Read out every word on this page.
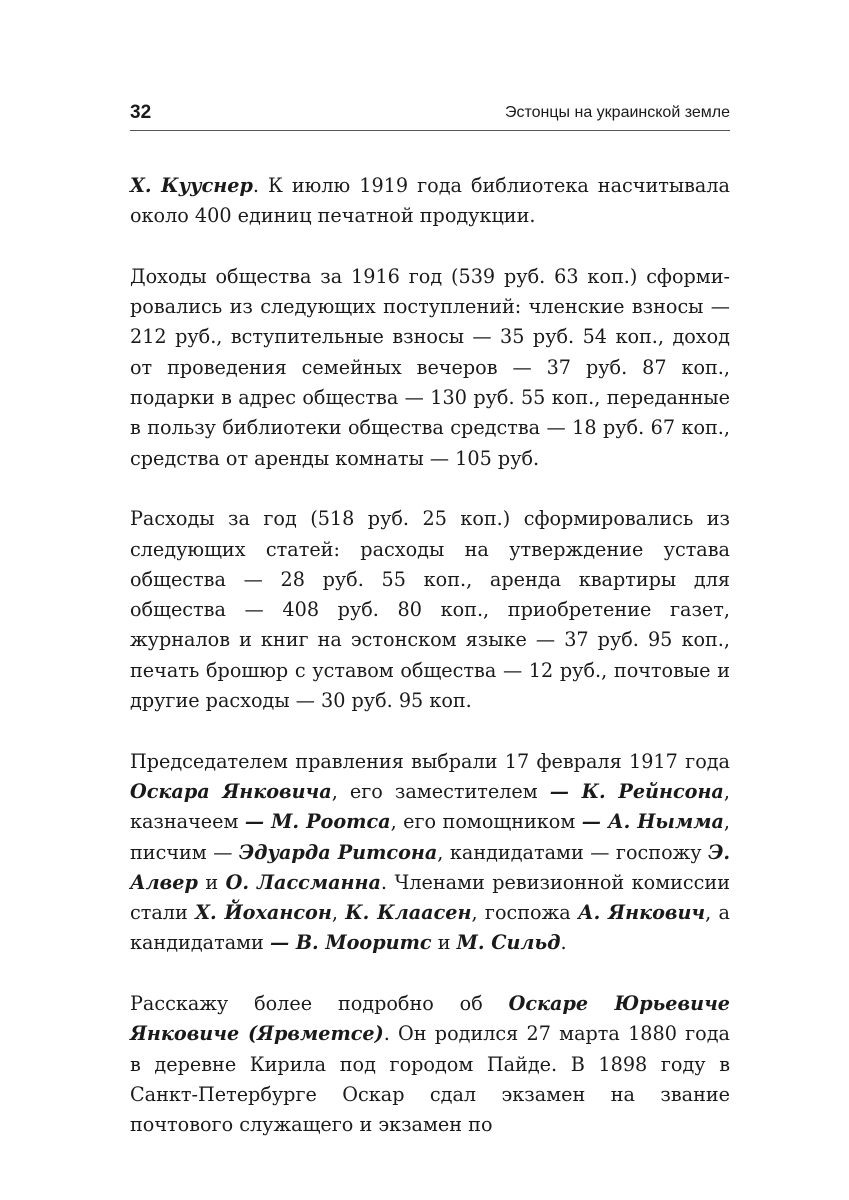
32	Эстонцы на украинской земле

Х. Кууснер. К июлю 1919 года библиотека насчитывала около 400 единиц печатной продукции.

Доходы общества за 1916 год (539 руб. 63 коп.) сформировались из следующих поступлений: членские взносы — 212 руб., вступительные взносы — 35 руб. 54 коп., доход от проведения семейных вечеров — 37 руб. 87 коп., подарки в адрес общества — 130 руб. 55 коп., переданные в пользу библиотеки общества средства — 18 руб. 67 коп., средства от аренды комнаты — 105 руб.

Расходы за год (518 руб. 25 коп.) сформировались из следующих статей: расходы на утверждение устава общества — 28 руб. 55 коп., аренда квартиры для общества — 408 руб. 80 коп., приобретение газет, журналов и книг на эстонском языке — 37 руб. 95 коп., печать брошюр с уставом общества — 12 руб., почтовые и другие расходы — 30 руб. 95 коп.

Председателем правления выбрали 17 февраля 1917 года Оскара Янковича, его заместителем — К. Рейнсона, казначеем — М. Роотса, его помощником — А. Нымма, писчим — Эдуарда Ритсона, кандидатами — госпожу Э. Алвер и О. Лассманна. Членами ревизионной комиссии стали Х. Йохансон, К. Клаасен, госпожа А. Янкович, а кандидатами — В. Мооритс и М. Сильд.

Расскажу более подробно об Оскаре Юрьевиче Янковиче (Ярвметсе). Он родился 27 марта 1880 года в деревне Кирила под городом Пайде. В 1898 году в Санкт-Петербурге Оскар сдал экзамен на звание почтового служащего и экзамен по
